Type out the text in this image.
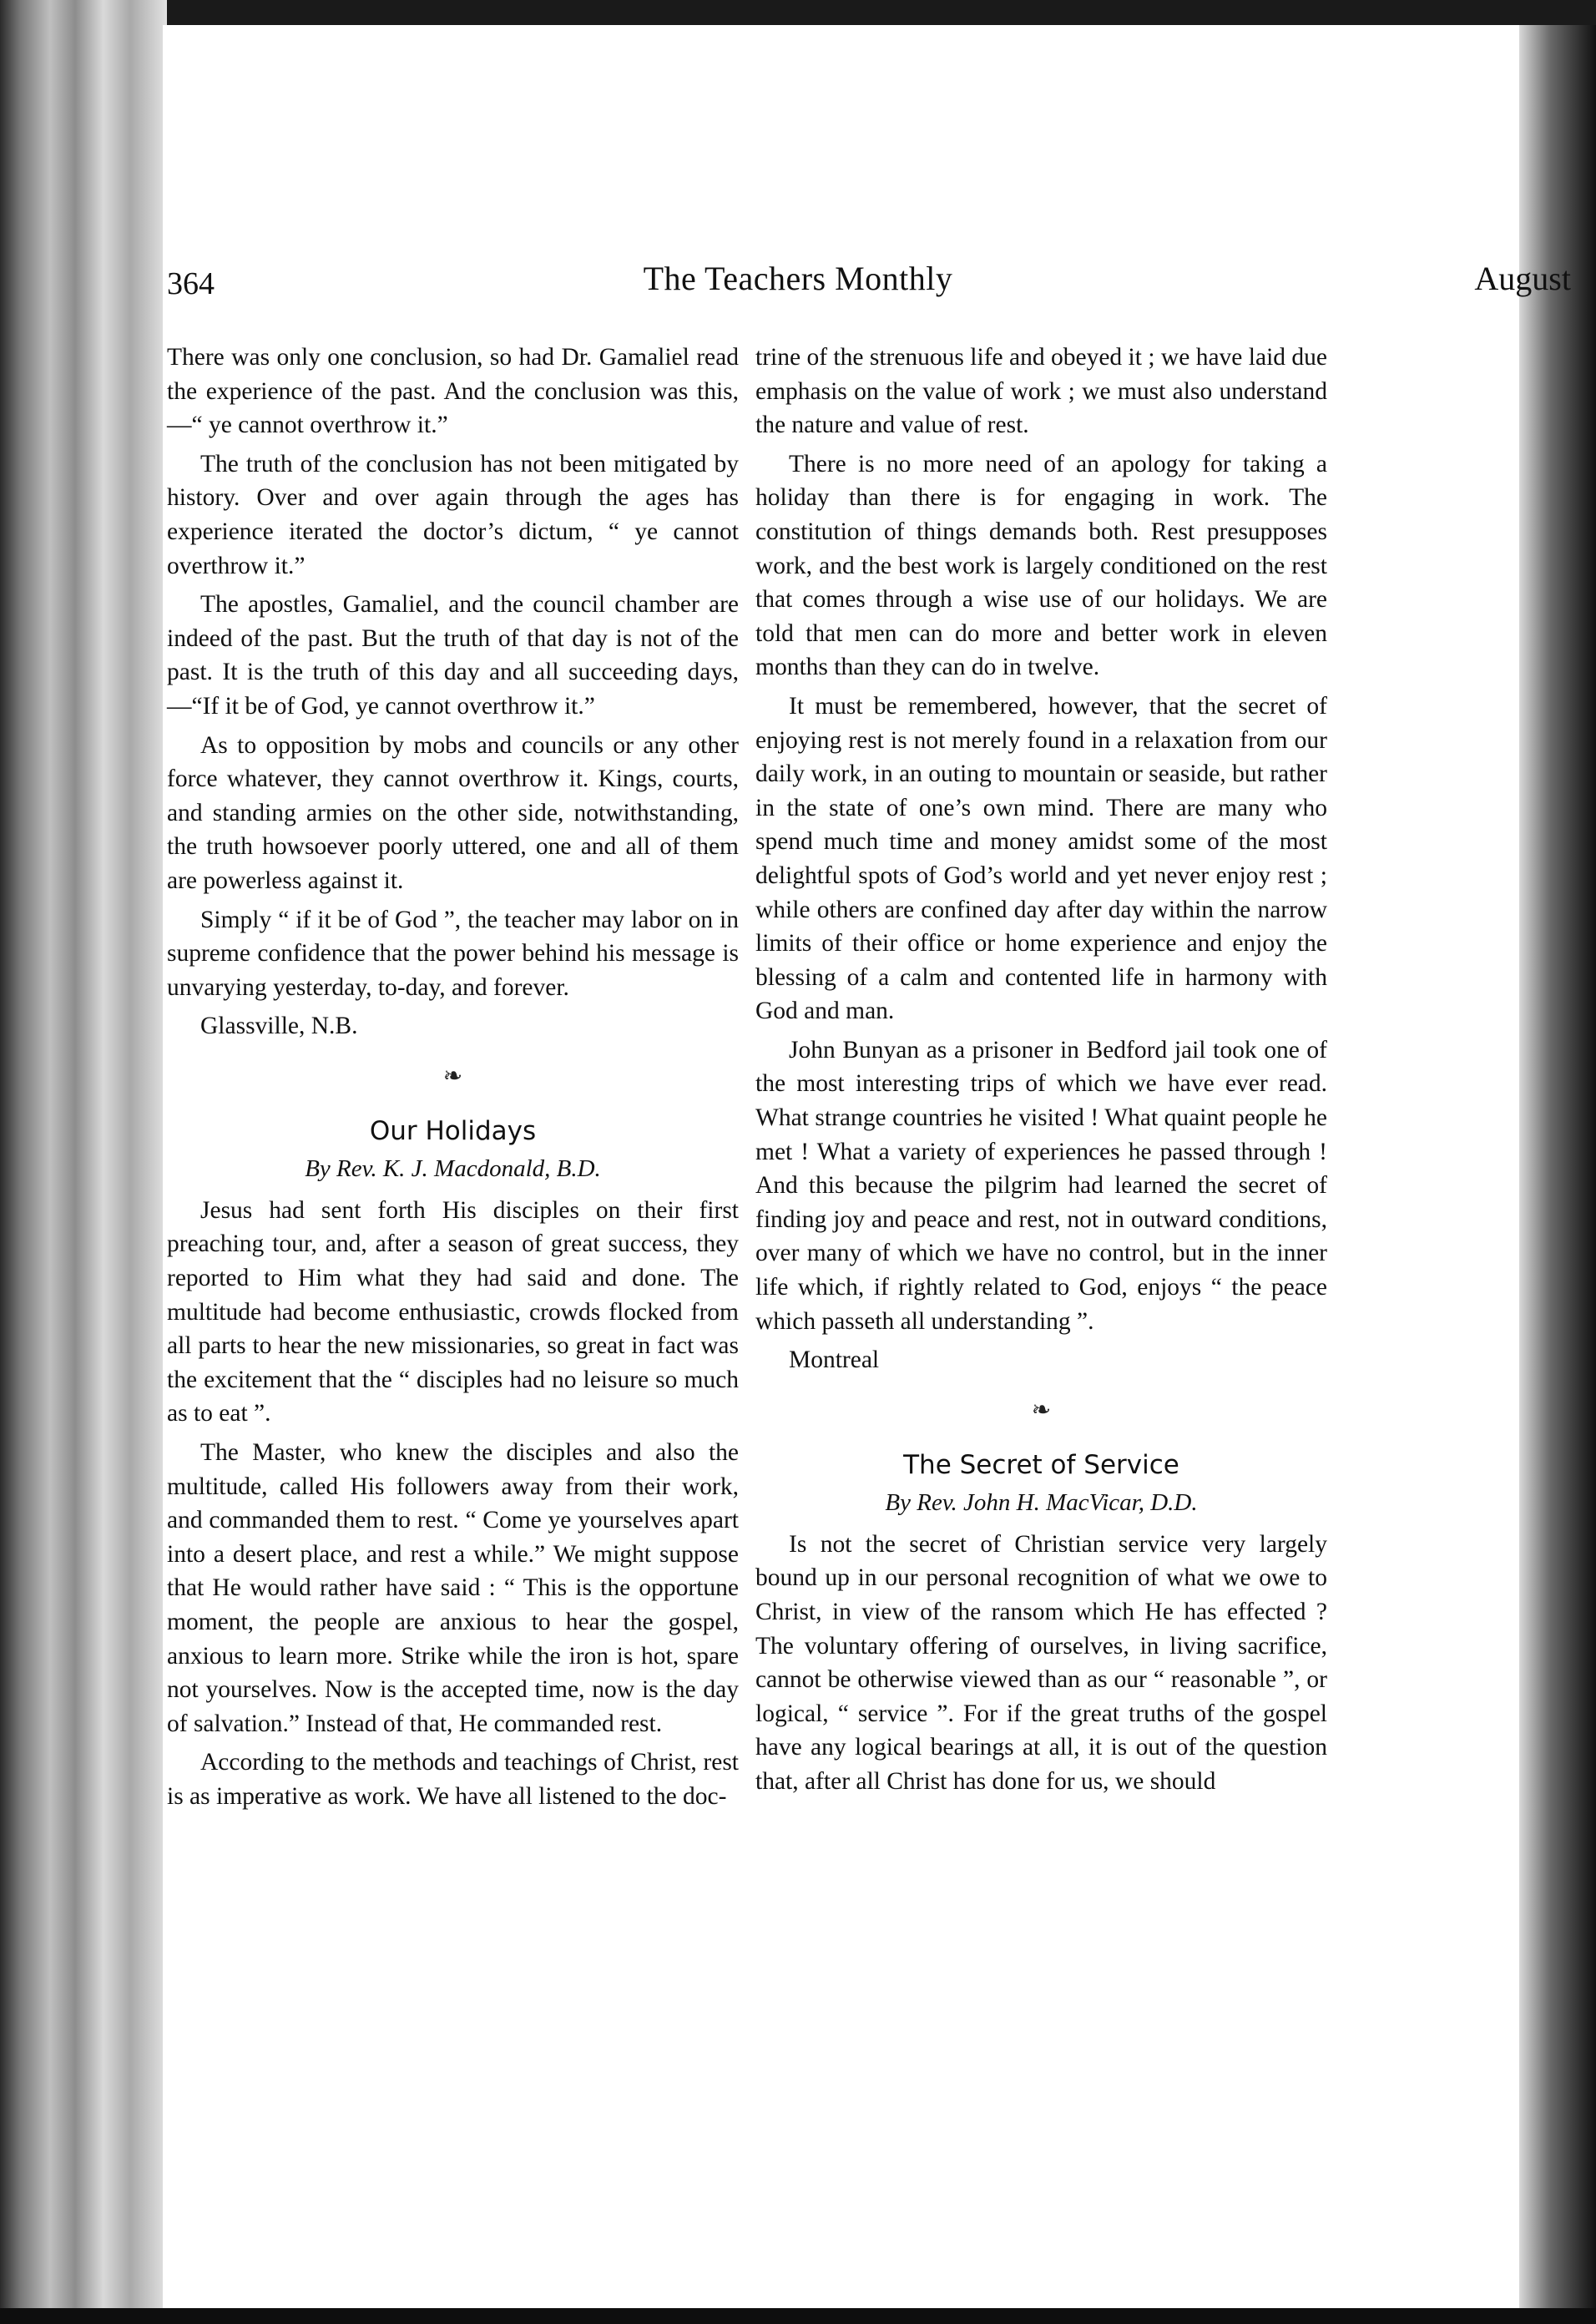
364	The Teachers Monthly	August

There was only one conclusion, so had Dr. Gamaliel read the experience of the past. And the conclusion was this,—“ ye cannot overthrow it.”

The truth of the conclusion has not been mitigated by history. Over and over again through the ages has experience iterated the doctor’s dictum, “ ye cannot overthrow it.”

The apostles, Gamaliel, and the council chamber are indeed of the past. But the truth of that day is not of the past. It is the truth of this day and all succeeding days,—“If it be of God, ye cannot overthrow it.”

As to opposition by mobs and councils or any other force whatever, they cannot overthrow it. Kings, courts, and standing armies on the other side, notwithstanding, the truth howsoever poorly uttered, one and all of them are powerless against it.

Simply “ if it be of God ”, the teacher may labor on in supreme confidence that the power behind his message is unvarying yesterday, to-day, and forever.

Glassville, N.B.
❧
Our Holidays
By Rev. K. J. Macdonald, B.D.

Jesus had sent forth His disciples on their first preaching tour, and, after a season of great success, they reported to Him what they had said and done. The multitude had become enthusiastic, crowds flocked from all parts to hear the new missionaries, so great in fact was the excitement that the “ disciples had no leisure so much as to eat ”.

The Master, who knew the disciples and also the multitude, called His followers away from their work, and commanded them to rest. “ Come ye yourselves apart into a desert place, and rest a while.” We might suppose that He would rather have said : “ This is the opportune moment, the people are anxious to hear the gospel, anxious to learn more. Strike while the iron is hot, spare not yourselves. Now is the accepted time, now is the day of salvation.” Instead of that, He commanded rest.

According to the methods and teachings of Christ, rest is as imperative as work. We have all listened to the doc-

trine of the strenuous life and obeyed it ; we have laid due emphasis on the value of work ; we must also understand the nature and value of rest.

There is no more need of an apology for taking a holiday than there is for engaging in work. The constitution of things demands both. Rest presupposes work, and the best work is largely conditioned on the rest that comes through a wise use of our holidays. We are told that men can do more and better work in eleven months than they can do in twelve.

It must be remembered, however, that the secret of enjoying rest is not merely found in a relaxation from our daily work, in an outing to mountain or seaside, but rather in the state of one’s own mind. There are many who spend much time and money amidst some of the most delightful spots of God’s world and yet never enjoy rest ; while others are confined day after day within the narrow limits of their office or home experience and enjoy the blessing of a calm and contented life in harmony with God and man.

John Bunyan as a prisoner in Bedford jail took one of the most interesting trips of which we have ever read. What strange countries he visited ! What quaint people he met ! What a variety of experiences he passed through ! And this because the pilgrim had learned the secret of finding joy and peace and rest, not in outward conditions, over many of which we have no control, but in the inner life which, if rightly related to God, enjoys “ the peace which passeth all understanding ”.

Montreal
❧
The Secret of Service
By Rev. John H. MacVicar, D.D.

Is not the secret of Christian service very largely bound up in our personal recognition of what we owe to Christ, in view of the ransom which He has effected ? The voluntary offering of ourselves, in living sacrifice, cannot be otherwise viewed than as our “ reasonable ”, or logical, “ service ”. For if the great truths of the gospel have any logical bearings at all, it is out of the question that, after all Christ has done for us, we should
